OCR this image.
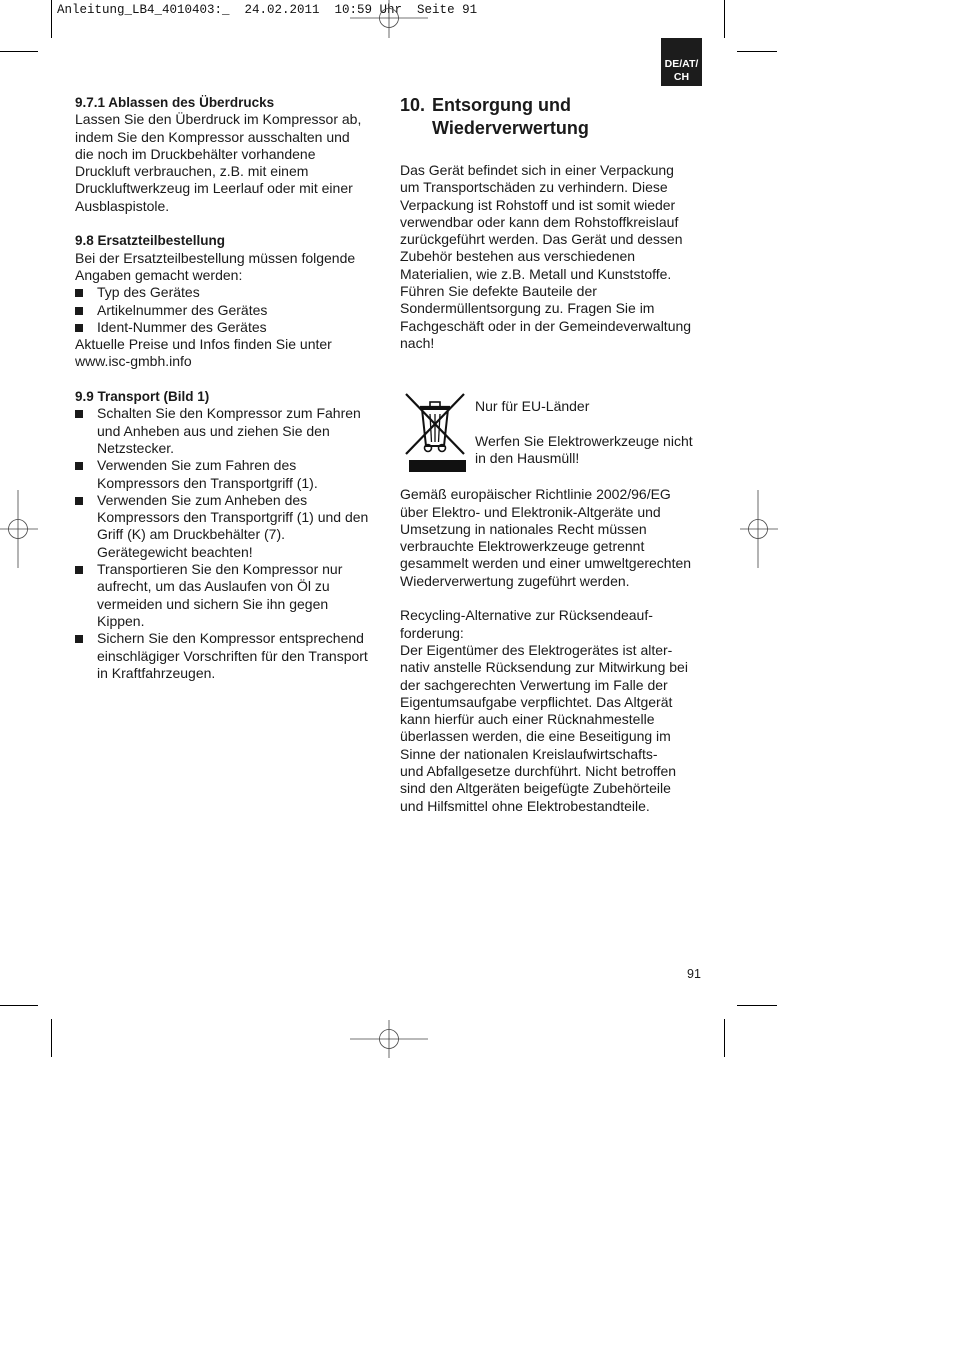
Anleitung_LB4_4010403:_  24.02.2011  10:59 Uhr  Seite 91
DE/AT/
CH

9.7.1 Ablassen des Überdrucks

Lassen Sie den Überdruck im Kompressor ab,
indem Sie den Kompressor ausschalten und
die noch im Druckbehälter vorhandene
Druckluft verbrauchen, z.B. mit einem
Druckluftwerkzeug im Leerlauf oder mit einer
Ausblaspistole.

9.8 Ersatzteilbestellung

Bei der Ersatzteilbestellung müssen folgende
Angaben gemacht werden:
Typ des Gerätes
Artikelnummer des Gerätes
Ident-Nummer des Gerätes
Aktuelle Preise und Infos finden Sie unter
www.isc-gmbh.info

9.9 Transport (Bild 1)

Schalten Sie den Kompressor zum Fahren
und Anheben aus und ziehen Sie den
Netzstecker.
Verwenden Sie zum Fahren des
Kompressors den Transportgriff (1).
Verwenden Sie zum Anheben des
Kompressors den Transportgriff (1) und den
Griff (K) am Druckbehälter (7).
Gerätegewicht beachten!
Transportieren Sie den Kompressor nur
aufrecht, um das Auslaufen von Öl zu
vermeiden und sichern Sie ihn gegen
Kippen.
Sichern Sie den Kompressor entsprechend
einschlägiger Vorschriften für den Transport
in Kraftfahrzeugen.
10. Entsorgung und
Wiederverwertung
Das Gerät befindet sich in einer Verpackung
um Transportschäden zu verhindern. Diese
Verpackung ist Rohstoff und ist somit wieder
verwendbar oder kann dem Rohstoffkreislauf
zurückgeführt werden. Das Gerät und dessen
Zubehör bestehen aus verschiedenen
Materialien, wie z.B. Metall und Kunststoffe.
Führen Sie defekte Bauteile der
Sondermüllentsorgung zu. Fragen Sie im
Fachgeschäft oder in der Gemeindeverwaltung
nach!
Nur für EU-Länder
Werfen Sie Elektrowerkzeuge nicht
in den Hausmüll!
Gemäß europäischer Richtlinie 2002/96/EG
über Elektro- und Elektronik-Altgeräte und
Umsetzung in nationales Recht müssen
verbrauchte Elektrowerkzeuge getrennt
gesammelt werden und einer umweltgerechten
Wiederverwertung zugeführt werden.
Recycling-Alternative zur Rücksendeauf-
forderung:
Der Eigentümer des Elektrogerätes ist alter-
nativ anstelle Rücksendung zur Mitwirkung bei
der sachgerechten Verwertung im Falle der
Eigentumsaufgabe verpflichtet. Das Altgerät
kann hierfür auch einer Rücknahmestelle
überlassen werden, die eine Beseitigung im
Sinne der nationalen Kreislaufwirtschafts-
und Abfallgesetze durchführt. Nicht betroffen
sind den Altgeräten beigefügte Zubehörteile
und Hilfsmittel ohne Elektrobestandteile.
91
